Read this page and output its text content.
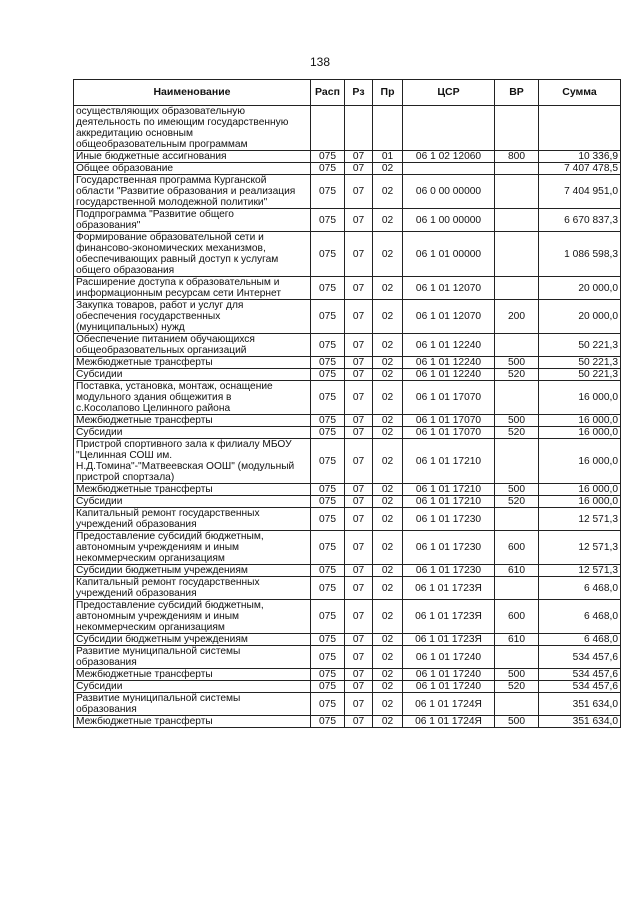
138
Наименование	Расп	Рз	Пр	ЦСР	ВР	Сумма

осуществляющих образовательную
деятельность по имеющим государственную
аккредитацию основным
общеобразовательным программам						

Иные бюджетные ассигнования	075	07	01	06 1 02 12060	800	10 336,9

Общее образование	075	07	02			7 407 478,5

Государственная программа Курганской
области "Развитие образования и реализация
государственной молодежной политики"	075	07	02	06 0 00 00000		7 404 951,0

Подпрограмма "Развитие общего
образования"	075	07	02	06 1 00 00000		6 670 837,3

Формирование образовательной сети и
финансово-экономических механизмов,
обеспечивающих равный доступ к услугам
общего образования	075	07	02	06 1 01 00000		1 086 598,3

Расширение доступа к образовательным и
информационным ресурсам сети Интернет	075	07	02	06 1 01 12070		20 000,0

Закупка товаров, работ и услуг для
обеспечения государственных
(муниципальных) нужд	075	07	02	06 1 01 12070	200	20 000,0

Обеспечение питанием обучающихся
общеобразовательных организаций	075	07	02	06 1 01 12240		50 221,3

Межбюджетные трансферты	075	07	02	06 1 01 12240	500	50 221,3

Субсидии	075	07	02	06 1 01 12240	520	50 221,3

Поставка, установка, монтаж, оснащение
модульного здания общежития в
с.Косолапово Целинного района	075	07	02	06 1 01 17070		16 000,0

Межбюджетные трансферты	075	07	02	06 1 01 17070	500	16 000,0

Субсидии	075	07	02	06 1 01 17070	520	16 000,0

Пристрой спортивного зала к филиалу МБОУ
"Целинная СОШ им.
Н.Д.Томина"-"Матвеевская ООШ" (модульный
пристрой спортзала)	075	07	02	06 1 01 17210		16 000,0

Межбюджетные трансферты	075	07	02	06 1 01 17210	500	16 000,0

Субсидии	075	07	02	06 1 01 17210	520	16 000,0

Капитальный ремонт государственных
учреждений образования	075	07	02	06 1 01 17230		12 571,3

Предоставление субсидий бюджетным,
автономным учреждениям и иным
некоммерческим организациям	075	07	02	06 1 01 17230	600	12 571,3

Субсидии бюджетным учреждениям	075	07	02	06 1 01 17230	610	12 571,3

Капитальный ремонт государственных
учреждений образования	075	07	02	06 1 01 1723Я		6 468,0

Предоставление субсидий бюджетным,
автономным учреждениям и иным
некоммерческим организациям	075	07	02	06 1 01 1723Я	600	6 468,0

Субсидии бюджетным учреждениям	075	07	02	06 1 01 1723Я	610	6 468,0

Развитие муниципальной системы
образования	075	07	02	06 1 01 17240		534 457,6

Межбюджетные трансферты	075	07	02	06 1 01 17240	500	534 457,6

Субсидии	075	07	02	06 1 01 17240	520	534 457,6

Развитие муниципальной системы
образования	075	07	02	06 1 01 1724Я		351 634,0

Межбюджетные трансферты	075	07	02	06 1 01 1724Я	500	351 634,0
